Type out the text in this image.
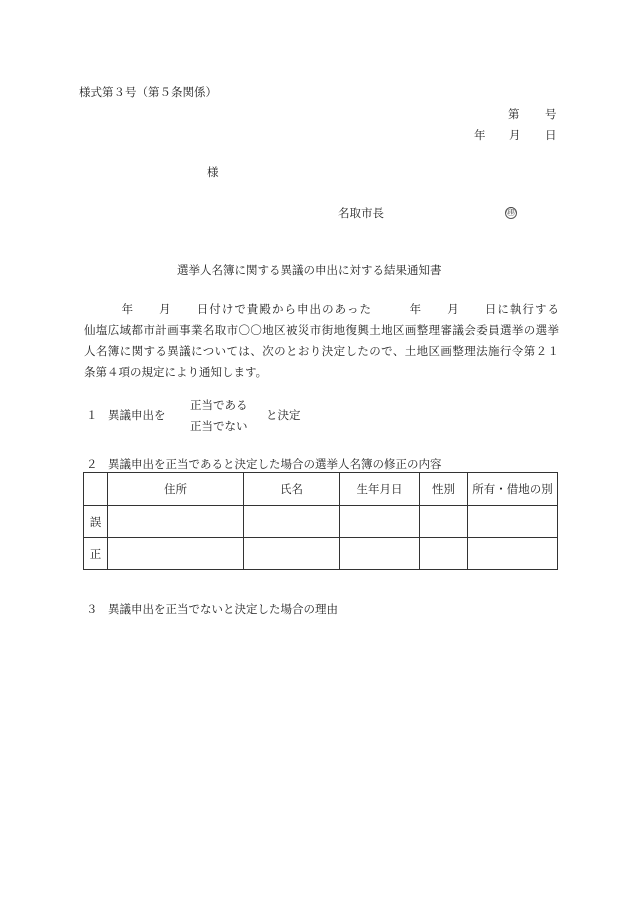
様式第３号（第５条関係）
第 号
年 月 日
様
名取市長	㊞
選挙人名簿に関する異議の申出に対する結果通知書
　　　年　　月　　日付けで貴殿から申出のあった　　　年　　月　　日に執行する
仙塩広域都市計画事業名取市〇〇地区被災市街地復興土地区画整理審議会委員選挙の選挙
人名簿に関する異議については、次のとおり決定したので、土地区画整理法施行令第２１
条第４項の規定により通知します。
１ 異議申出を
正当である
正当でない
と決定
２ 異議申出を正当であると決定した場合の選挙人名簿の修正の内容
	住所	氏名	生年月日	性別	所有・借地の別
誤					
正					
３ 異議申出を正当でないと決定した場合の理由
